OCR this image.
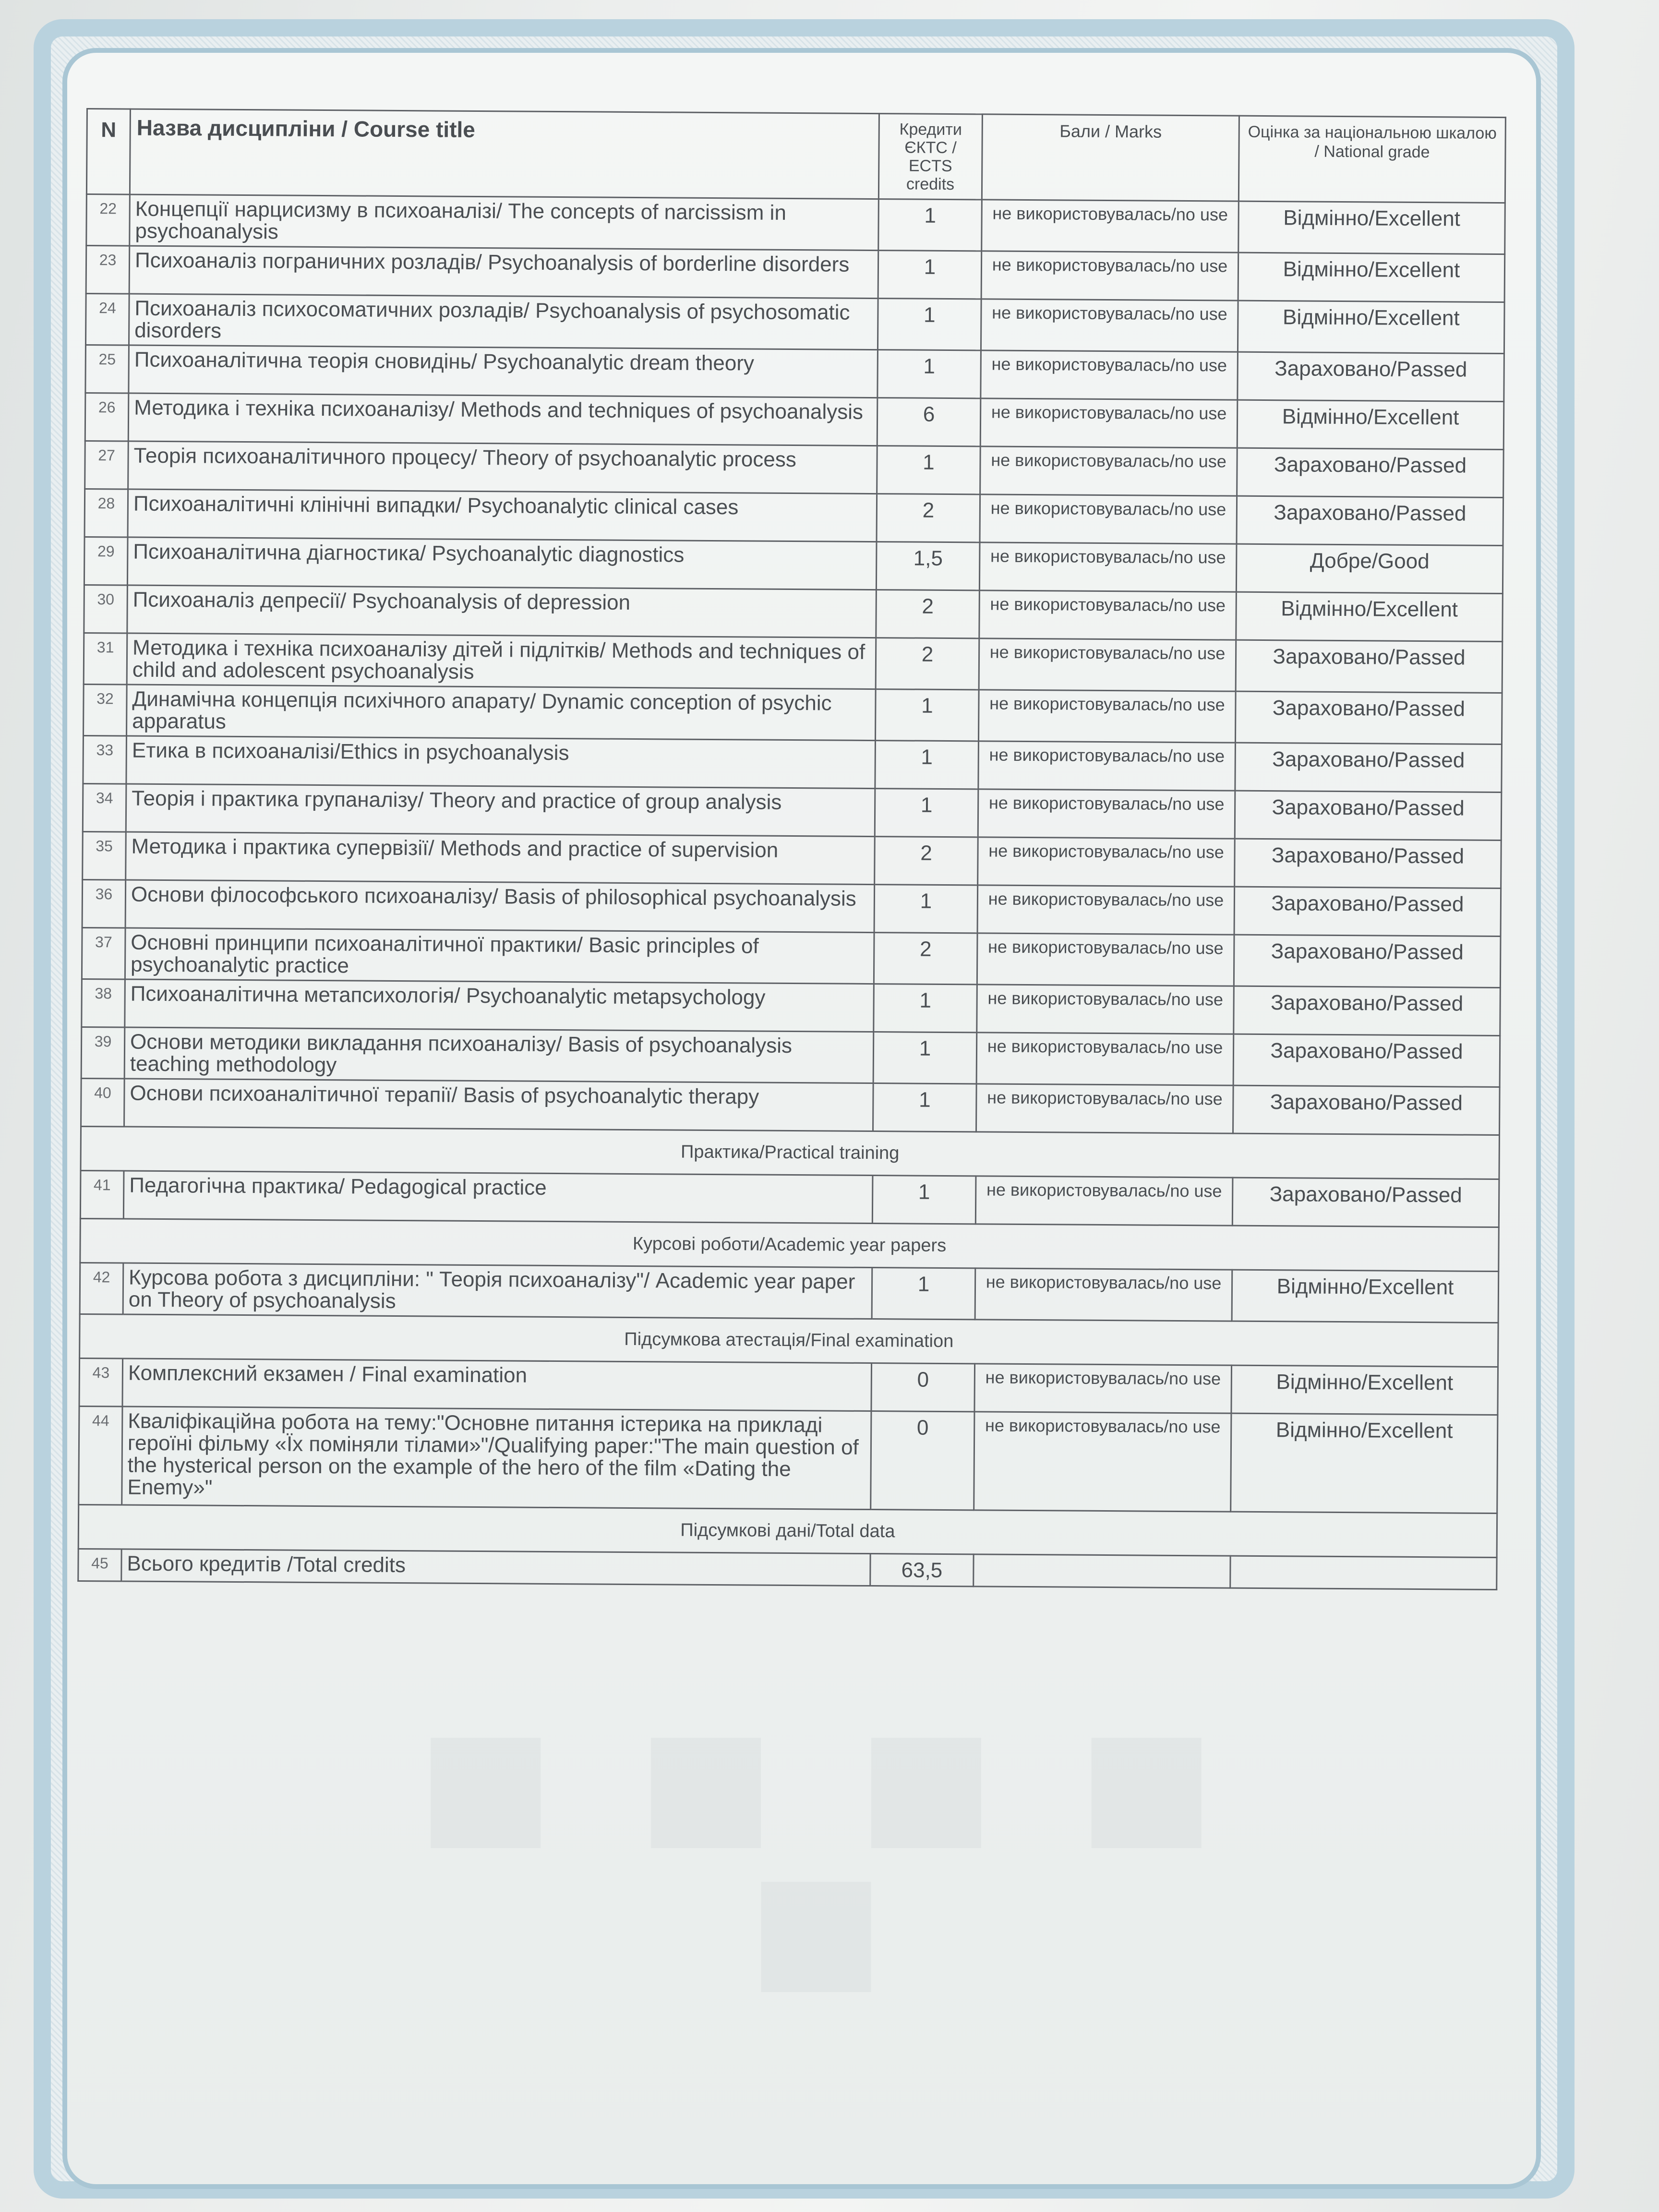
■ ■ ■ ■ ■
N	Назва дисципліни / Course title	Кредити ЄКТС / ECTS credits	Бали / Marks	Оцінка за національною шкалою / National grade
22	Концепції нарцисизму в психоаналізі/ The concepts of narcissism in psychoanalysis	1	не використовувалась/no use	Відмінно/Excellent
23	Психоаналіз пограничних розладів/ Psychoanalysis of borderline disorders	1	не використовувалась/no use	Відмінно/Excellent
24	Психоаналіз психосоматичних розладів/ Psychoanalysis of psychosomatic disorders	1	не використовувалась/no use	Відмінно/Excellent
25	Психоаналітична теорія сновидінь/ Psychoanalytic dream theory	1	не використовувалась/no use	Зараховано/Passed
26	Методика і техніка психоаналізу/ Methods and techniques of psychoanalysis	6	не використовувалась/no use	Відмінно/Excellent
27	Теорія психоаналітичного процесу/ Theory of psychoanalytic process	1	не використовувалась/no use	Зараховано/Passed
28	Психоаналітичні клінічні випадки/ Psychoanalytic clinical cases	2	не використовувалась/no use	Зараховано/Passed
29	Психоаналітична діагностика/ Psychoanalytic diagnostics	1,5	не використовувалась/no use	Добре/Good
30	Психоаналіз депресії/ Psychoanalysis of depression	2	не використовувалась/no use	Відмінно/Excellent
31	Методика і техніка психоаналізу дітей і підлітків/ Methods and techniques of child and adolescent psychoanalysis	2	не використовувалась/no use	Зараховано/Passed
32	Динамічна концепція психічного апарату/ Dynamic conception of psychic apparatus	1	не використовувалась/no use	Зараховано/Passed
33	Етика в психоаналізі/Ethics in psychoanalysis	1	не використовувалась/no use	Зараховано/Passed
34	Теорія і практика групаналізу/ Theory and practice of group analysis	1	не використовувалась/no use	Зараховано/Passed
35	Методика і практика супервізії/ Methods and practice of supervision	2	не використовувалась/no use	Зараховано/Passed
36	Основи філософського психоаналізу/ Basis of philosophical psychoanalysis	1	не використовувалась/no use	Зараховано/Passed
37	Основні принципи психоаналітичної практики/ Basic principles of psychoanalytic practice	2	не використовувалась/no use	Зараховано/Passed
38	Психоаналітична метапсихологія/ Psychoanalytic metapsychology	1	не використовувалась/no use	Зараховано/Passed
39	Основи методики викладання психоаналізу/ Basis of psychoanalysis teaching methodology	1	не використовувалась/no use	Зараховано/Passed
40	Основи психоаналітичної терапії/ Basis of psychoanalytic therapy	1	не використовувалась/no use	Зараховано/Passed
Практика/Practical training				
41	Педагогічна практика/ Pedagogical practice	1	не використовувалась/no use	Зараховано/Passed
Курсові роботи/Academic year papers				
42	Курсова робота з дисципліни: " Теорія психоаналізу"/ Academic year paper on Theory of psychoanalysis	1	не використовувалась/no use	Відмінно/Excellent
Підсумкова атестація/Final examination				
43	Комплексний екзамен / Final examination	0	не використовувалась/no use	Відмінно/Excellent
44	Кваліфікаційна робота на тему:"Основне питання істерика на прикладі героїні фільму «Їх поміняли тілами»"/Qualifying paper:"The main question of the hysterical person on the example of the hero of the film «Dating the Enemy»"	0	не використовувалась/no use	Відмінно/Excellent
Підсумкові дані/Total data				
45	Всього кредитів /Total credits	63,5		
